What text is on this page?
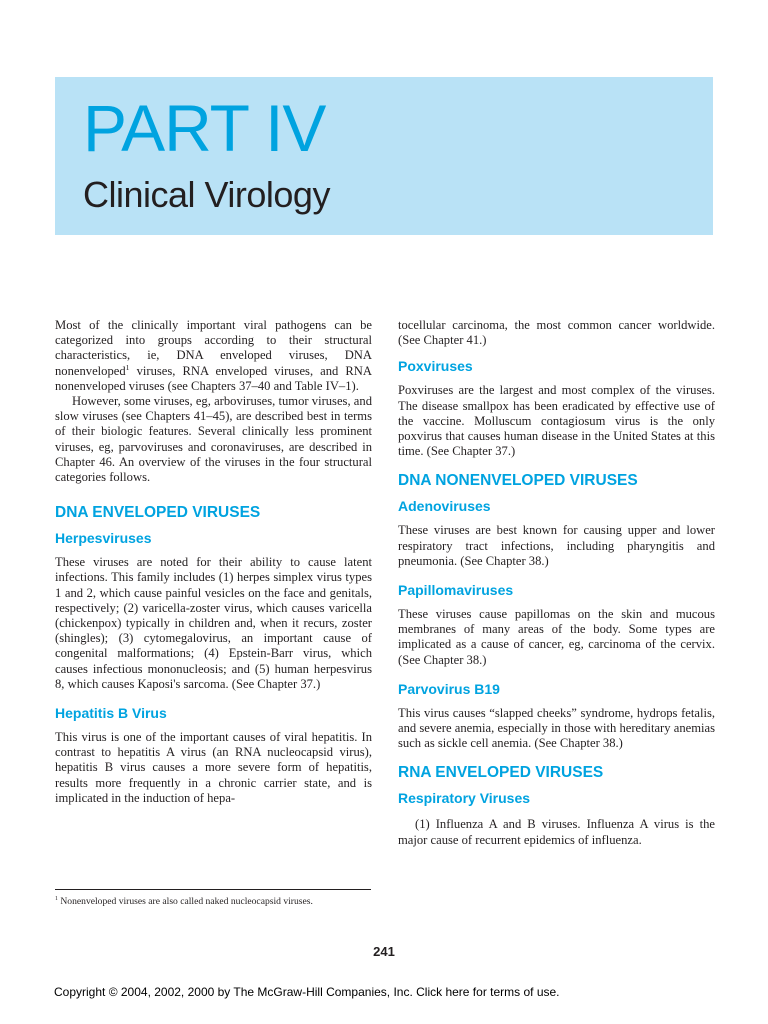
PART IV
Clinical Virology

Most of the clinically important viral pathogens can be categorized into groups according to their structural characteristics, ie, DNA enveloped viruses, DNA nonenveloped$^1$ viruses, RNA enveloped viruses, and RNA nonenveloped viruses (see Chapters 37–40 and Table IV–1).

However, some viruses, eg, arboviruses, tumor viruses, and slow viruses (see Chapters 41–45), are described best in terms of their biologic features. Several clinically less prominent viruses, eg, parvoviruses and coronaviruses, are described in Chapter 46. An overview of the viruses in the four structural categories follows.

DNA ENVELOPED VIRUSES
Herpesviruses

These viruses are noted for their ability to cause latent infections. This family includes (1) herpes simplex virus types 1 and 2, which cause painful vesicles on the face and genitals, respectively; (2) varicella-zoster virus, which causes varicella (chickenpox) typically in children and, when it recurs, zoster (shingles); (3) cytomegalovirus, an important cause of congenital malformations; (4) Epstein-Barr virus, which causes infectious mononucleosis; and (5) human herpesvirus 8, which causes Kaposi's sarcoma. (See Chapter 37.)

Hepatitis B Virus

This virus is one of the important causes of viral hepatitis. In contrast to hepatitis A virus (an RNA nucleocapsid virus), hepatitis B virus causes a more severe form of hepatitis, results more frequently in a chronic carrier state, and is implicated in the induction of hepa-

tocellular carcinoma, the most common cancer worldwide. (See Chapter 41.)

Poxviruses

Poxviruses are the largest and most complex of the viruses. The disease smallpox has been eradicated by effective use of the vaccine. Molluscum contagiosum virus is the only poxvirus that causes human disease in the United States at this time. (See Chapter 37.)

DNA NONENVELOPED VIRUSES
Adenoviruses

These viruses are best known for causing upper and lower respiratory tract infections, including pharyngitis and pneumonia. (See Chapter 38.)

Papillomaviruses

These viruses cause papillomas on the skin and mucous membranes of many areas of the body. Some types are implicated as a cause of cancer, eg, carcinoma of the cervix. (See Chapter 38.)

Parvovirus B19

This virus causes “slapped cheeks” syndrome, hydrops fetalis, and severe anemia, especially in those with hereditary anemias such as sickle cell anemia. (See Chapter 38.)

RNA ENVELOPED VIRUSES
Respiratory Viruses

(1) Influenza A and B viruses. Influenza A virus is the major cause of recurrent epidemics of influenza.

$^1$ Nonenveloped viruses are also called naked nucleocapsid viruses.
241
Copyright © 2004, 2002, 2000 by The McGraw-Hill Companies, Inc. Click here for terms of use.
